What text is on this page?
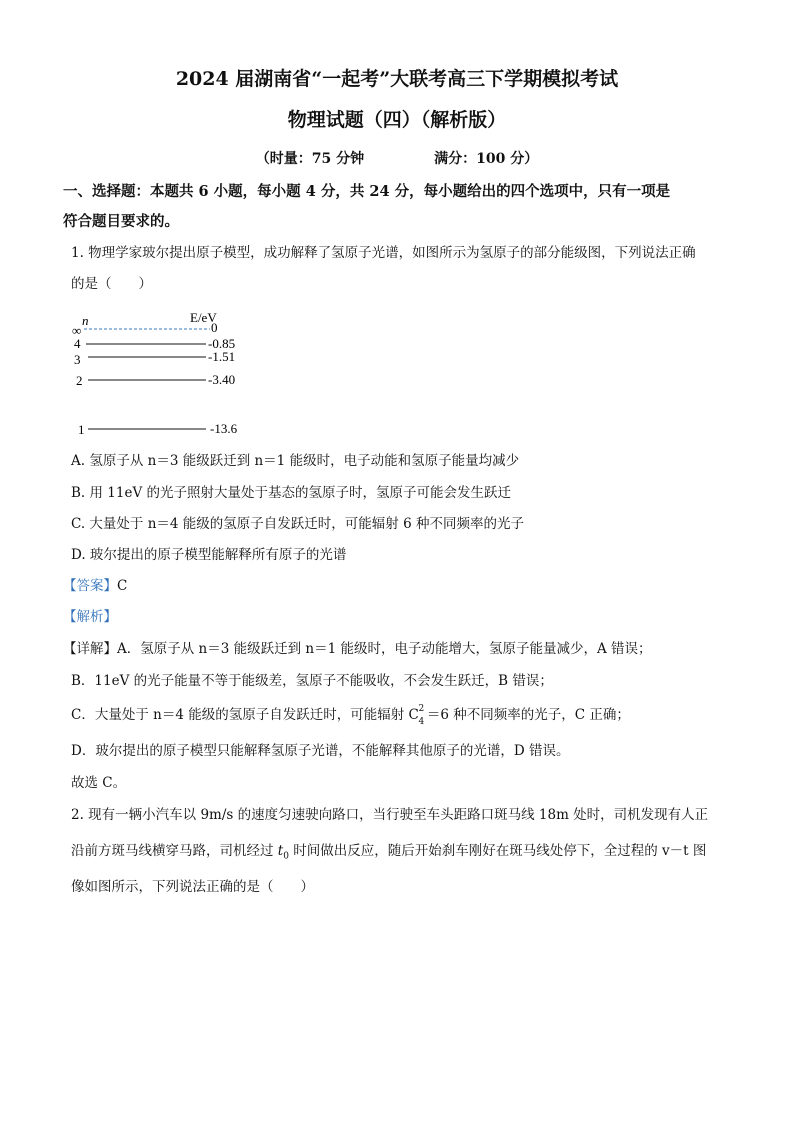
2024 届湖南省“一起考”大联考高三下学期模拟考试
物理试题（四）（解析版）
（时量：75 分钟　　　　　满分：100 分）
一、选择题：本题共 6 小题，每小题 4 分，共 24 分，每小题给出的四个选项中，只有一项是
符合题目要求的。
1. 物理学家玻尔提出原子模型，成功解释了氢原子光谱，如图所示为氢原子的部分能级图，下列说法正确
的是（　　）
n	E/eV
∞
4
3
2
1
0
-0.85
-1.51
-3.40
-13.6
A. 氢原子从 n＝3 能级跃迁到 n＝1 能级时，电子动能和氢原子能量均减少
B. 用 11eV 的光子照射大量处于基态的氢原子时，氢原子可能会发生跃迁
C. 大量处于 n＝4 能级的氢原子自发跃迁时，可能辐射 6 种不同频率的光子
D. 玻尔提出的原子模型能解释所有原子的光谱
【答案】C
【解析】
【详解】A．氢原子从 n＝3 能级跃迁到 n＝1 能级时，电子动能增大，氢原子能量减少，A 错误；
B．11eV 的光子能量不等于能级差，氢原子不能吸收，不会发生跃迁，B 错误；
C．大量处于 n＝4 能级的氢原子自发跃迁时，可能辐射 C 2
4 ＝6 种不同频率的光子，C 正确；
D．玻尔提出的原子模型只能解释氢原子光谱，不能解释其他原子的光谱，D 错误。
故选 C。
2. 现有一辆小汽车以 9m/s 的速度匀速驶向路口，当行驶至车头距路口斑马线 18m 处时，司机发现有人正
沿前方斑马线横穿马路，司机经过 $t_0$ 时间做出反应，随后开始刹车刚好在斑马线处停下，全过程的 v－t 图
像如图所示，下列说法正确的是（　　）
